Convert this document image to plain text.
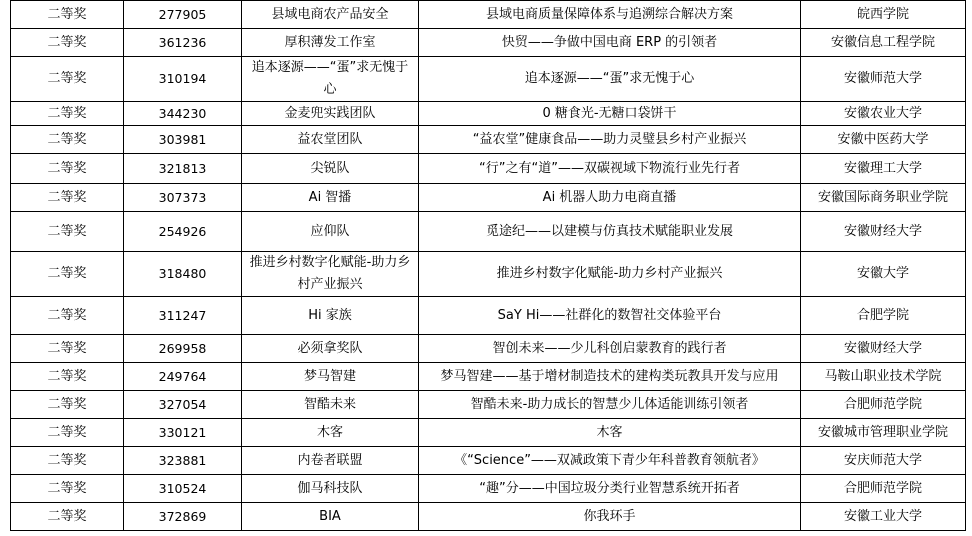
二等奖	277905	县域电商农产品安全	县域电商质量保障体系与追溯综合解决方案	皖西学院
二等奖	361236	厚积薄发工作室	快贸——争做中国电商 ERP 的引领者	安徽信息工程学院
二等奖	310194	追本逐源——“蛋”求无愧于心	追本逐源——“蛋”求无愧于心	安徽师范大学
二等奖	344230	金麦兜实践团队	0 糖食光-无糖口袋饼干	安徽农业大学
二等奖	303981	益农堂团队	“益农堂”健康食品——助力灵璧县乡村产业振兴	安徽中医药大学
二等奖	321813	尖锐队	“行”之有“道”——双碳视域下物流行业先行者	安徽理工大学
二等奖	307373	Ai 智播	Ai 机器人助力电商直播	安徽国际商务职业学院
二等奖	254926	应仰队	觅途纪——以建模与仿真技术赋能职业发展	安徽财经大学
二等奖	318480	推进乡村数字化赋能-助力乡村产业振兴	推进乡村数字化赋能-助力乡村产业振兴	安徽大学
二等奖	311247	Hi 家族	SaY Hi——社群化的数智社交体验平台	合肥学院
二等奖	269958	必须拿奖队	智创未来——少儿科创启蒙教育的践行者	安徽财经大学
二等奖	249764	梦马智建	梦马智建——基于增材制造技术的建构类玩教具开发与应用	马鞍山职业技术学院
二等奖	327054	智酷未来	智酷未来-助力成长的智慧少儿体适能训练引领者	合肥师范学院
二等奖	330121	木客	木客	安徽城市管理职业学院
二等奖	323881	内卷者联盟	《“Science”——双减政策下青少年科普教育领航者》	安庆师范大学
二等奖	310524	伽马科技队	“趣”分——中国垃圾分类行业智慧系统开拓者	合肥师范学院
二等奖	372869	BIA	你我环手	安徽工业大学
